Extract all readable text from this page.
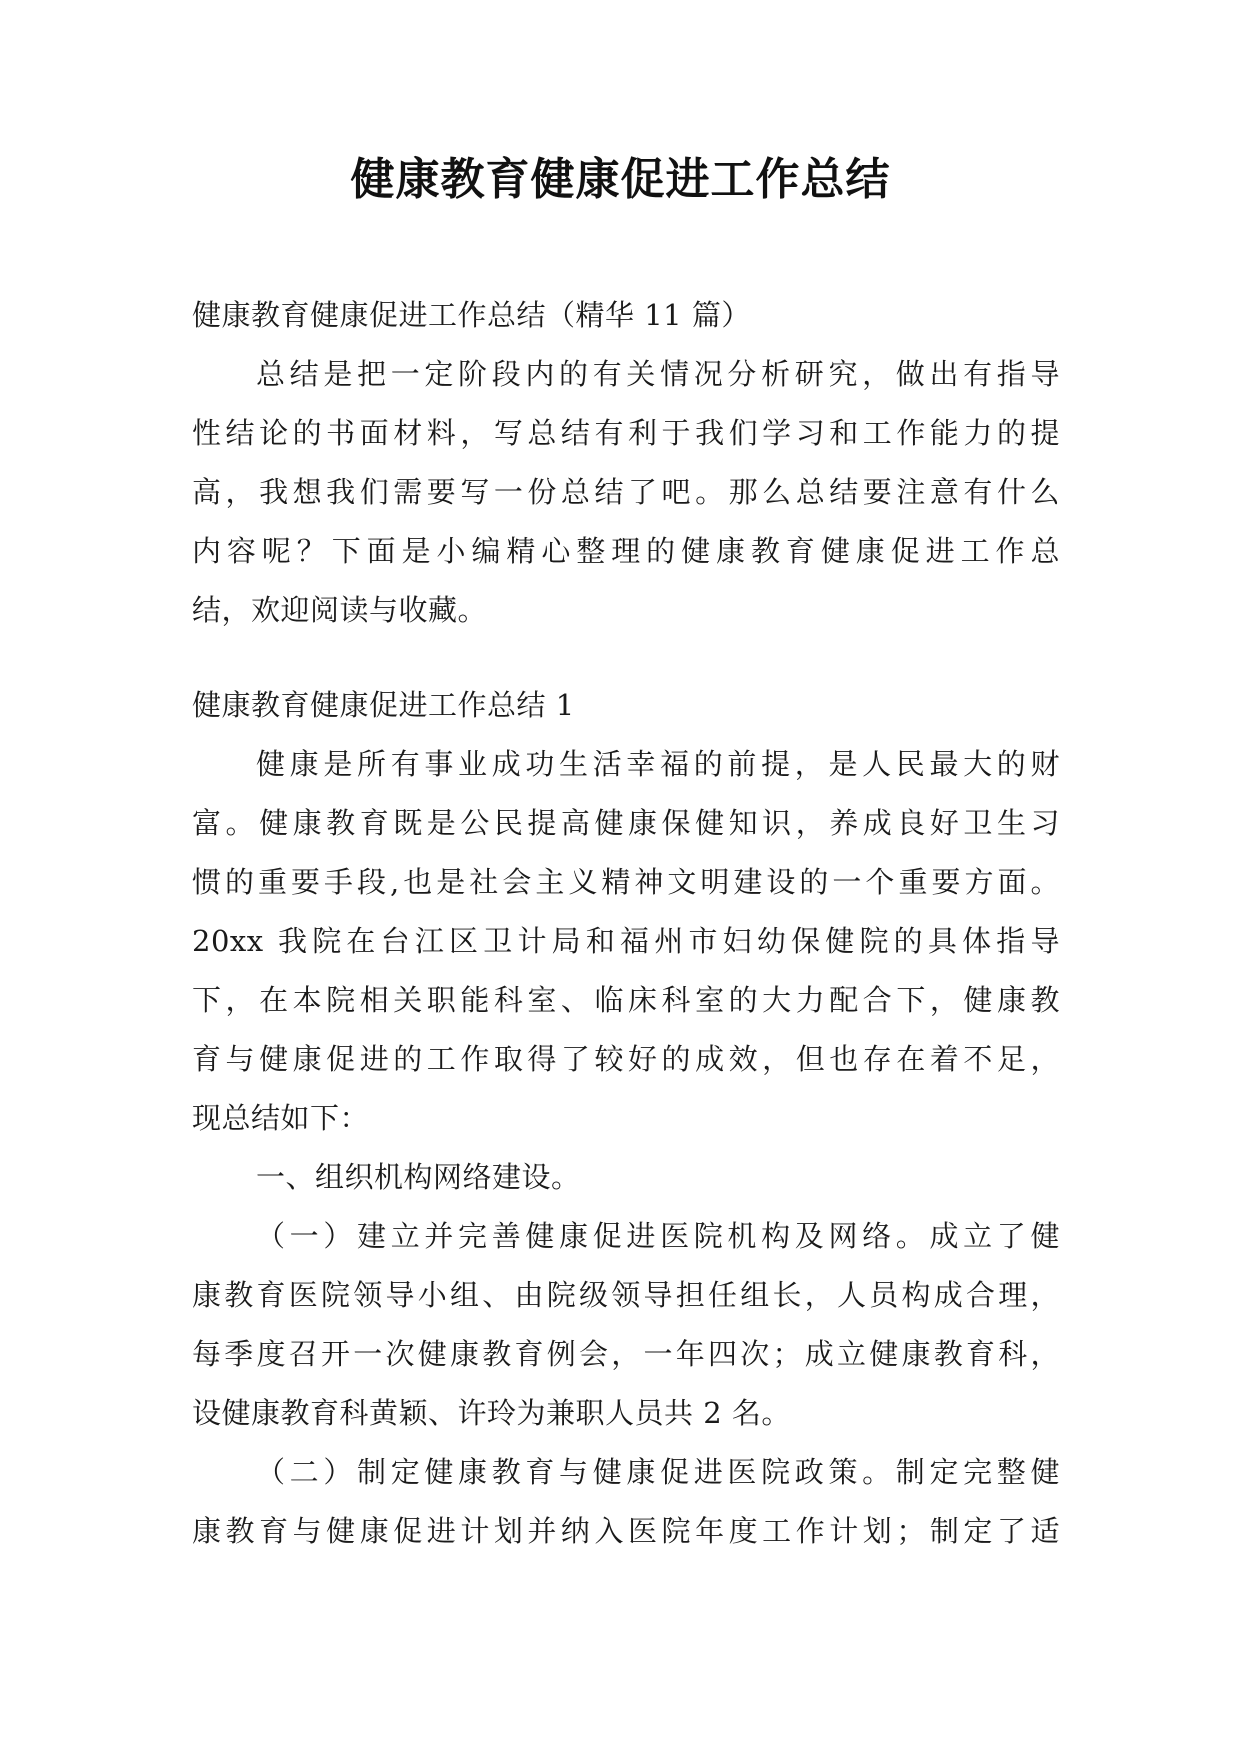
健康教育健康促进工作总结
健康教育健康促进工作总结（精华 11 篇）
总结是把一定阶段内的有关情况分析研究，做出有指导
性结论的书面材料，写总结有利于我们学习和工作能力的提
高，我想我们需要写一份总结了吧。那么总结要注意有什么
内容呢？下面是小编精心整理的健康教育健康促进工作总
结，欢迎阅读与收藏。
健康教育健康促进工作总结 1
健康是所有事业成功生活幸福的前提，是人民最大的财
富。健康教育既是公民提高健康保健知识，养成良好卫生习
惯的重要手段,也是社会主义精神文明建设的一个重要方面。
20xx 我院在台江区卫计局和福州市妇幼保健院的具体指导
下，在本院相关职能科室、临床科室的大力配合下，健康教
育与健康促进的工作取得了较好的成效，但也存在着不足，
现总结如下：
一、组织机构网络建设。
（一）建立并完善健康促进医院机构及网络。成立了健
康教育医院领导小组、由院级领导担任组长，人员构成合理，
每季度召开一次健康教育例会，一年四次；成立健康教育科，
设健康教育科黄颖、许玲为兼职人员共 2 名。
（二）制定健康教育与健康促进医院政策。制定完整健
康教育与健康促进计划并纳入医院年度工作计划；制定了适
